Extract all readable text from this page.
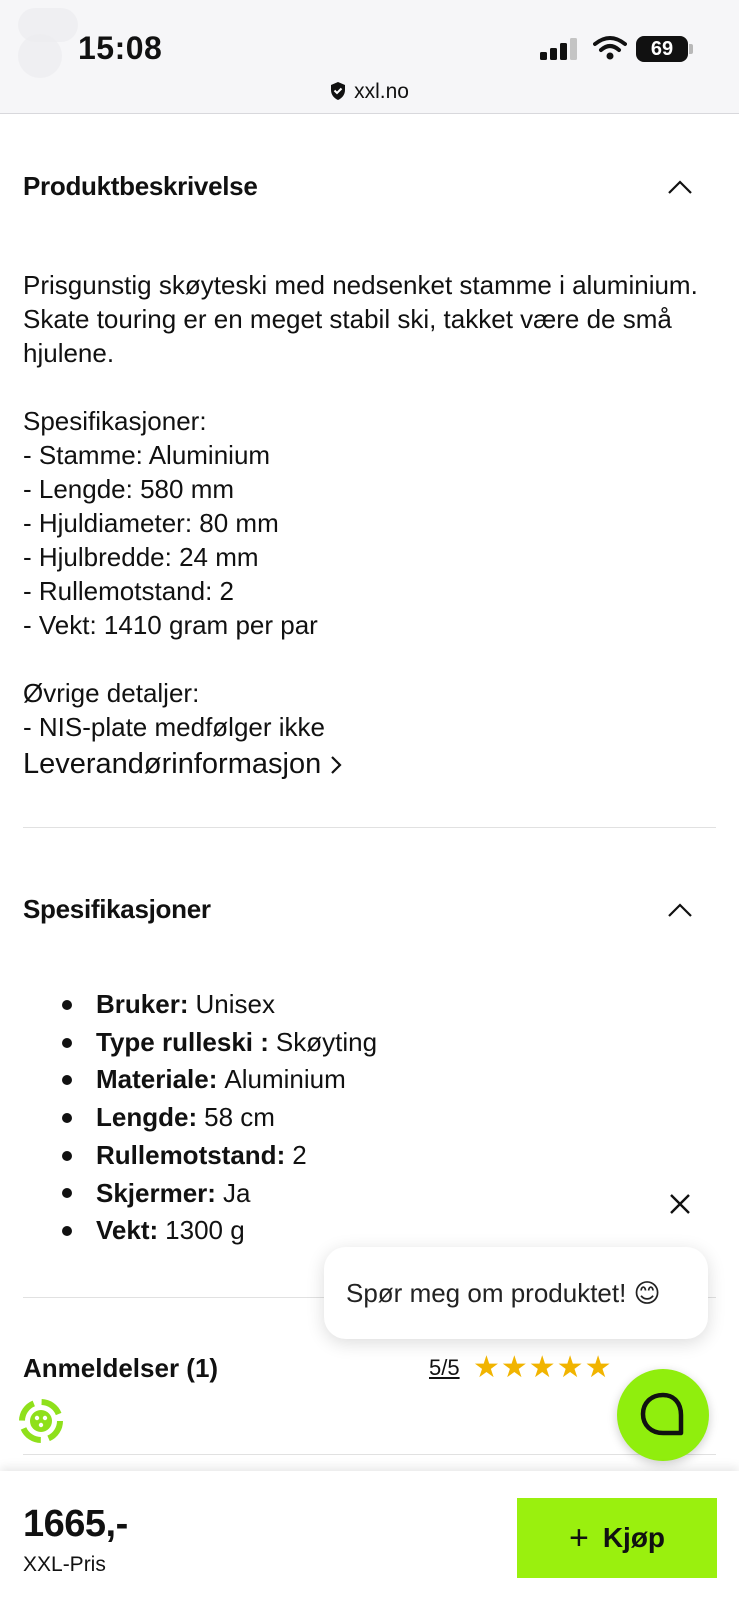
15:08	69
xxl.no
Produktbeskrivelse

Prisgunstig skøyteski med nedsenket stamme i aluminium. Skate touring er en meget stabil ski, takket være de små hjulene.

Spesifikasjoner:

- Stamme: Aluminium

- Lengde: 580 mm

- Hjuldiameter: 80 mm

- Hjulbredde: 24 mm

- Rullemotstand: 2

- Vekt: 1410 gram per par

Øvrige detaljer:

- NIS-plate medfølger ikke

Leverandørinformasjon
Spesifikasjoner
Bruker: Unisex
Type rulleski : Skøyting
Materiale: Aluminium
Lengde: 58 cm
Rullemotstand: 2
Skjermer: Ja
Vekt: 1300 g
Anmeldelser (1)	5/5 ★★★★★
Spør meg om produktet! 😊
1665,-
XXL-Pris
+ Kjøp
